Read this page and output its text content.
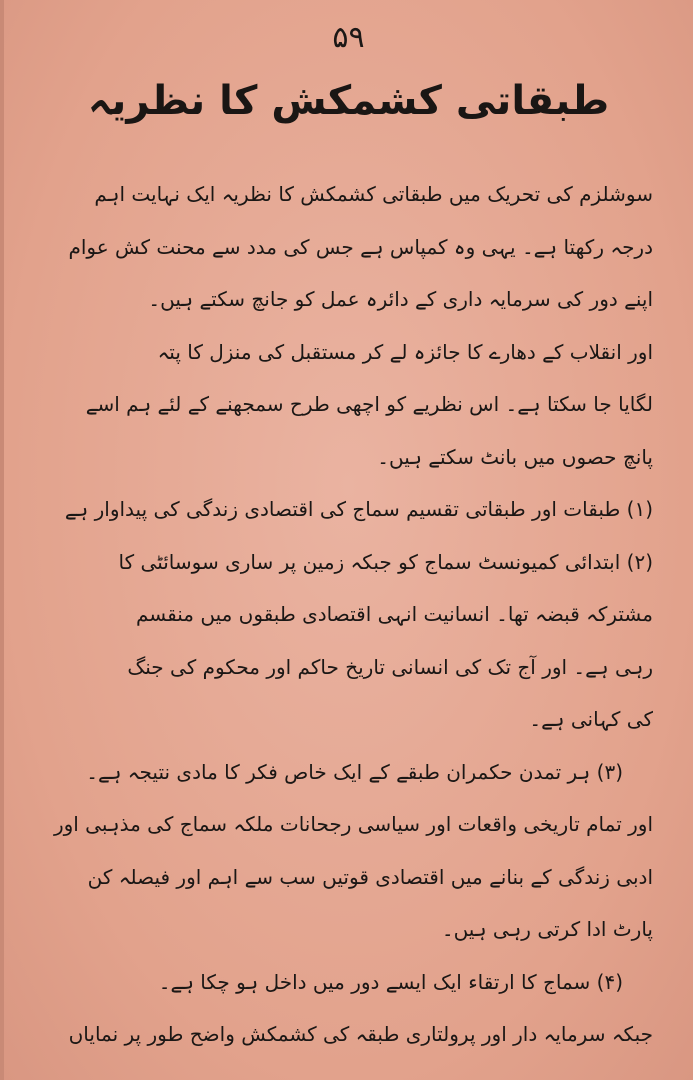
۵۹
طبقاتی کشمکش کا نظریہ
سوشلزم کی تحریک میں طبقاتی کشمکش کا نظریہ ایک نہایت اہم
درجہ رکھتا ہے۔ یہی وہ کمپاس ہے جس کی مدد سے محنت کش عوام
اپنے دور کی سرمایہ داری کے دائرہ عمل کو جانچ سکتے ہیں۔
اور انقلاب کے دھارے کا جائزہ لے کر مستقبل کی منزل کا پتہ
لگایا جا سکتا ہے۔ اس نظریے کو اچھی طرح سمجھنے کے لئے ہم اسے
پانچ حصوں میں بانٹ سکتے ہیں۔
(۱) طبقات اور طبقاتی تقسیم سماج کی اقتصادی زندگی کی پیداوار ہے
(۲) ابتدائی کمیونسٹ سماج کو جبکہ زمین پر ساری سوسائٹی کا
مشترکہ قبضہ تھا۔ انسانیت انہی اقتصادی طبقوں میں منقسم
رہی ہے۔ اور آج تک کی انسانی تاریخ حاکم اور محکوم کی جنگ
کی کہانی ہے۔
(۳) ہر تمدن حکمران طبقے کے ایک خاص فکر کا مادی نتیجہ ہے۔
اور تمام تاریخی واقعات اور سیاسی رجحانات ملکہ سماج کی مذہبی اور
ادبی زندگی کے بنانے میں اقتصادی قوتیں سب سے اہم اور فیصلہ کن
پارٹ ادا کرتی رہی ہیں۔
(۴) سماج کا ارتقاء ایک ایسے دور میں داخل ہو چکا ہے۔
جبکہ سرمایہ دار اور پرولتاری طبقہ کی کشمکش واضح طور پر نمایاں
